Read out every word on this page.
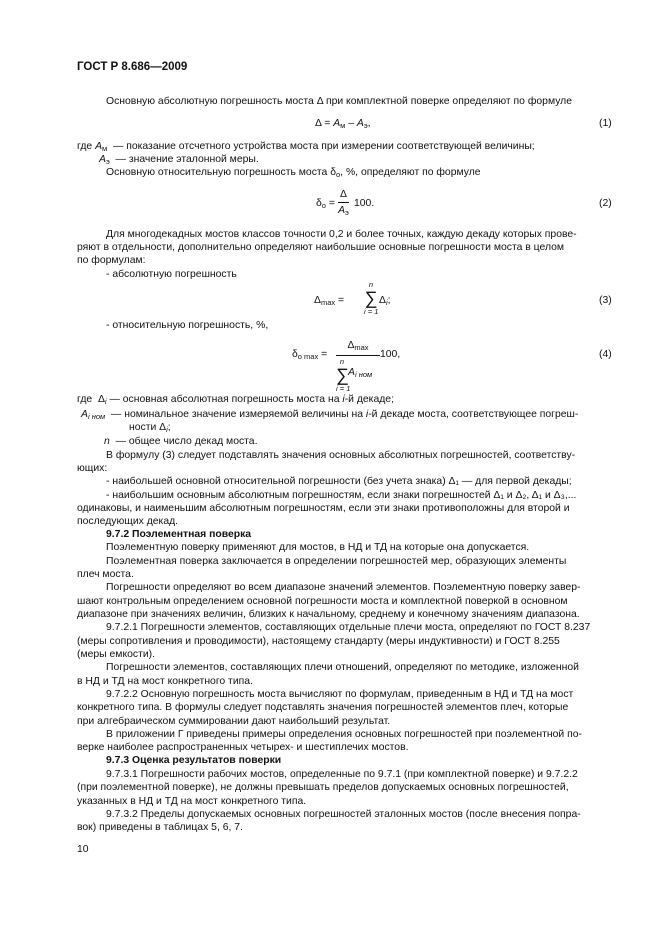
ГОСТ Р 8.686—2009
Основную абсолютную погрешность моста Δ при комплектной поверке определяют по формуле
$\Delta = A_м - A_э$,	(1)
где $A_м$ — показание отсчетного устройства моста при измерении соответствующей величины;
$A_э$ — значение эталонной меры.
Основную относительную погрешность моста $\delta_о$, %, определяют по формуле
$\delta_о$ =
Δ
$A_э$
100.	(2)
Для многодекадных мостов классов точности 0,2 и более точных, каждую декаду которых прове-
ряют в отдельности, дополнительно определяют наибольшие основные погрешности моста в целом
по формулам:
- абсолютную погрешность
$\Delta_{max}$ =
n
∑
i = 1
$\Delta_i$;	(3)
- относительную погрешность, %,
$\delta_{о max}$ =
$\Delta_{max}$
n
∑
i = 1
$A_{i ном}$
100,	(4)
где $\Delta_i$ — основная абсолютная погрешность моста на i-й декаде;
$A_{i ном}$ — номинальное значение измеряемой величины на i-й декаде моста, соответствующее погреш-
ности $\Delta_i$;
n — общее число декад моста.
В формулу (3) следует подставлять значения основных абсолютных погрешностей, соответству-
ющих:
- наибольшей основной относительной погрешности (без учета знака) Δ₁ — для первой декады;
- наибольшим основным абсолютным погрешностям, если знаки погрешностей Δ₁ и Δ₂, Δ₁ и Δ₃,...
одинаковы, и наименьшим абсолютным погрешностям, если эти знаки противоположны для второй и
последующих декад.
9.7.2 Поэлементная поверка
Поэлементную поверку применяют для мостов, в НД и ТД на которые она допускается.
Поэлементная поверка заключается в определении погрешностей мер, образующих элементы
плеч моста.
Погрешности определяют во всем диапазоне значений элементов. Поэлементную поверку завер-
шают контрольным определением основной погрешности моста и комплектной поверкой в основном
диапазоне при значениях величин, близких к начальному, среднему и конечному значениям диапазона.
9.7.2.1 Погрешности элементов, составляющих отдельные плечи моста, определяют по ГОСТ 8.237
(меры сопротивления и проводимости), настоящему стандарту (меры индуктивности) и ГОСТ 8.255
(меры емкости).
Погрешности элементов, составляющих плечи отношений, определяют по методике, изложенной
в НД и ТД на мост конкретного типа.
9.7.2.2 Основную погрешность моста вычисляют по формулам, приведенным в НД и ТД на мост
конкретного типа. В формулы следует подставлять значения погрешностей элементов плеч, которые
при алгебраическом суммировании дают наибольший результат.
В приложении Г приведены примеры определения основных погрешностей при поэлементной по-
верке наиболее распространенных четырех- и шестиплечих мостов.
9.7.3 Оценка результатов поверки
9.7.3.1 Погрешности рабочих мостов, определенные по 9.7.1 (при комплектной поверке) и 9.7.2.2
(при поэлементной поверке), не должны превышать пределов допускаемых основных погрешностей,
указанных в НД и ТД на мост конкретного типа.
9.7.3.2 Пределы допускаемых основных погрешностей эталонных мостов (после внесения попра-
вок) приведены в таблицах 5, 6, 7.
10
